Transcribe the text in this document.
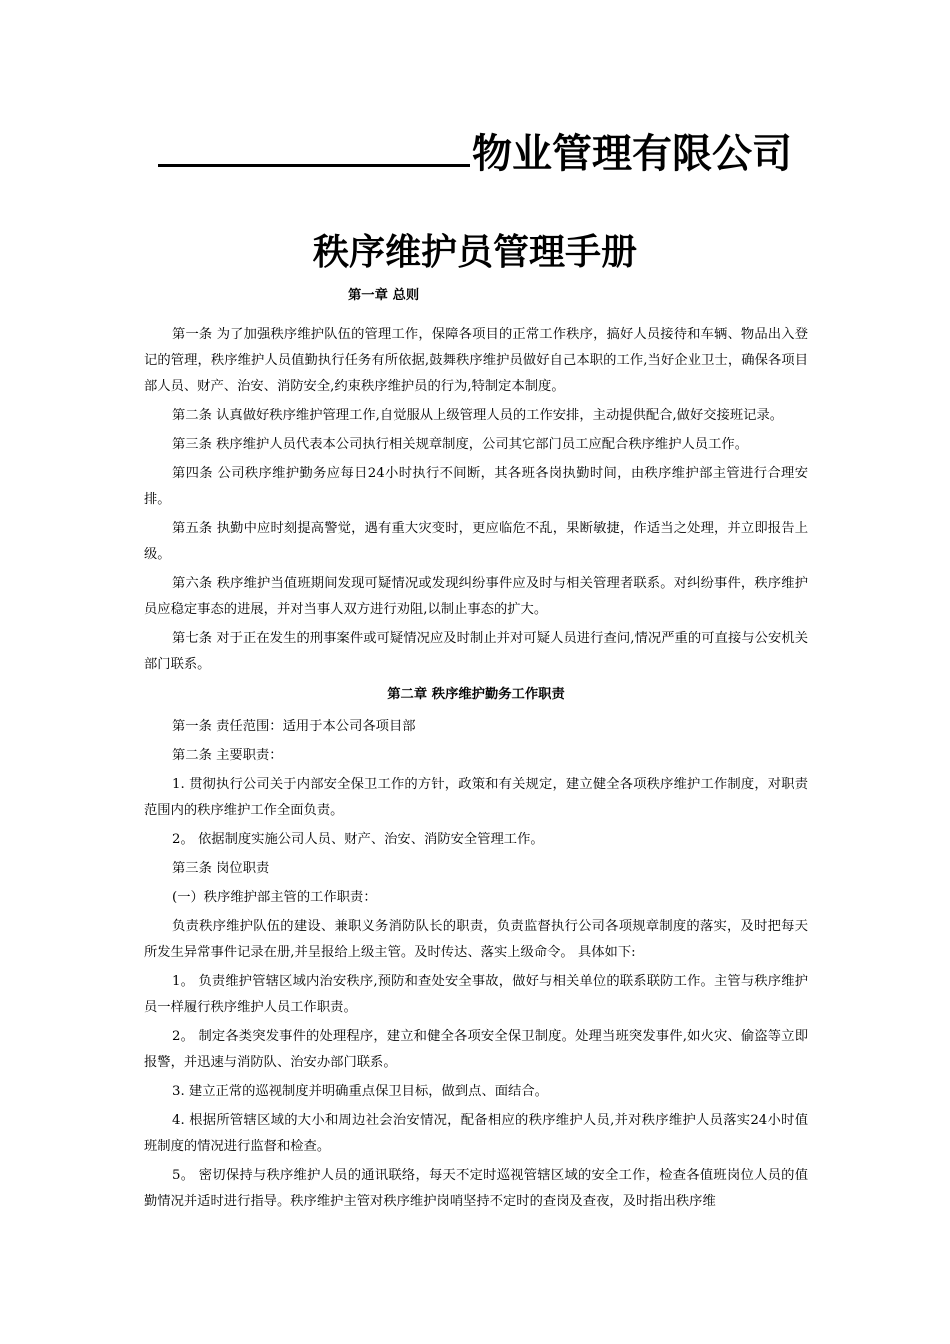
物业管理有限公司
秩序维护员管理手册
第一章 总则

第一条 为了加强秩序维护队伍的管理工作，保障各项目的正常工作秩序，搞好人员接待和车辆、物品出入登记的管理，秩序维护人员值勤执行任务有所依据,鼓舞秩序维护员做好自己本职的工作,当好企业卫士，确保各项目部人员、财产、治安、消防安全,约束秩序维护员的行为,特制定本制度。

第二条 认真做好秩序维护管理工作,自觉服从上级管理人员的工作安排，主动提供配合,做好交接班记录。

第三条 秩序维护人员代表本公司执行相关规章制度，公司其它部门员工应配合秩序维护人员工作。

第四条 公司秩序维护勤务应每日24小时执行不间断，其各班各岗执勤时间，由秩序维护部主管进行合理安排。

第五条 执勤中应时刻提高警觉，遇有重大灾变时，更应临危不乱，果断敏捷，作适当之处理，并立即报告上级。

第六条 秩序维护当值班期间发现可疑情况或发现纠纷事件应及时与相关管理者联系。对纠纷事件，秩序维护员应稳定事态的进展，并对当事人双方进行劝阻,以制止事态的扩大。

第七条 对于正在发生的刑事案件或可疑情况应及时制止并对可疑人员进行查问,情况严重的可直接与公安机关部门联系。

第二章 秩序维护勤务工作职责

第一条 责任范围：适用于本公司各项目部

第二条 主要职责：

1. 贯彻执行公司关于内部安全保卫工作的方针，政策和有关规定，建立健全各项秩序维护工作制度，对职责范围内的秩序维护工作全面负责。

2。 依据制度实施公司人员、财产、治安、消防安全管理工作。

第三条 岗位职责

(一）秩序维护部主管的工作职责：

负责秩序维护队伍的建设、兼职义务消防队长的职责，负责监督执行公司各项规章制度的落实，及时把每天所发生异常事件记录在册,并呈报给上级主管。及时传达、落实上级命令。 具体如下:

1。 负责维护管辖区域内治安秩序,预防和查处安全事故，做好与相关单位的联系联防工作。主管与秩序维护员一样履行秩序维护人员工作职责。

2。 制定各类突发事件的处理程序，建立和健全各项安全保卫制度。处理当班突发事件,如火灾、偷盗等立即报警，并迅速与消防队、治安办部门联系。

3. 建立正常的巡视制度并明确重点保卫目标，做到点、面结合。

4. 根据所管辖区域的大小和周边社会治安情况，配备相应的秩序维护人员,并对秩序维护人员落实24小时值班制度的情况进行监督和检查。

5。 密切保持与秩序维护人员的通讯联络，每天不定时巡视管辖区域的安全工作，检查各值班岗位人员的值勤情况并适时进行指导。秩序维护主管对秩序维护岗哨坚持不定时的查岗及查夜，及时指出秩序维
